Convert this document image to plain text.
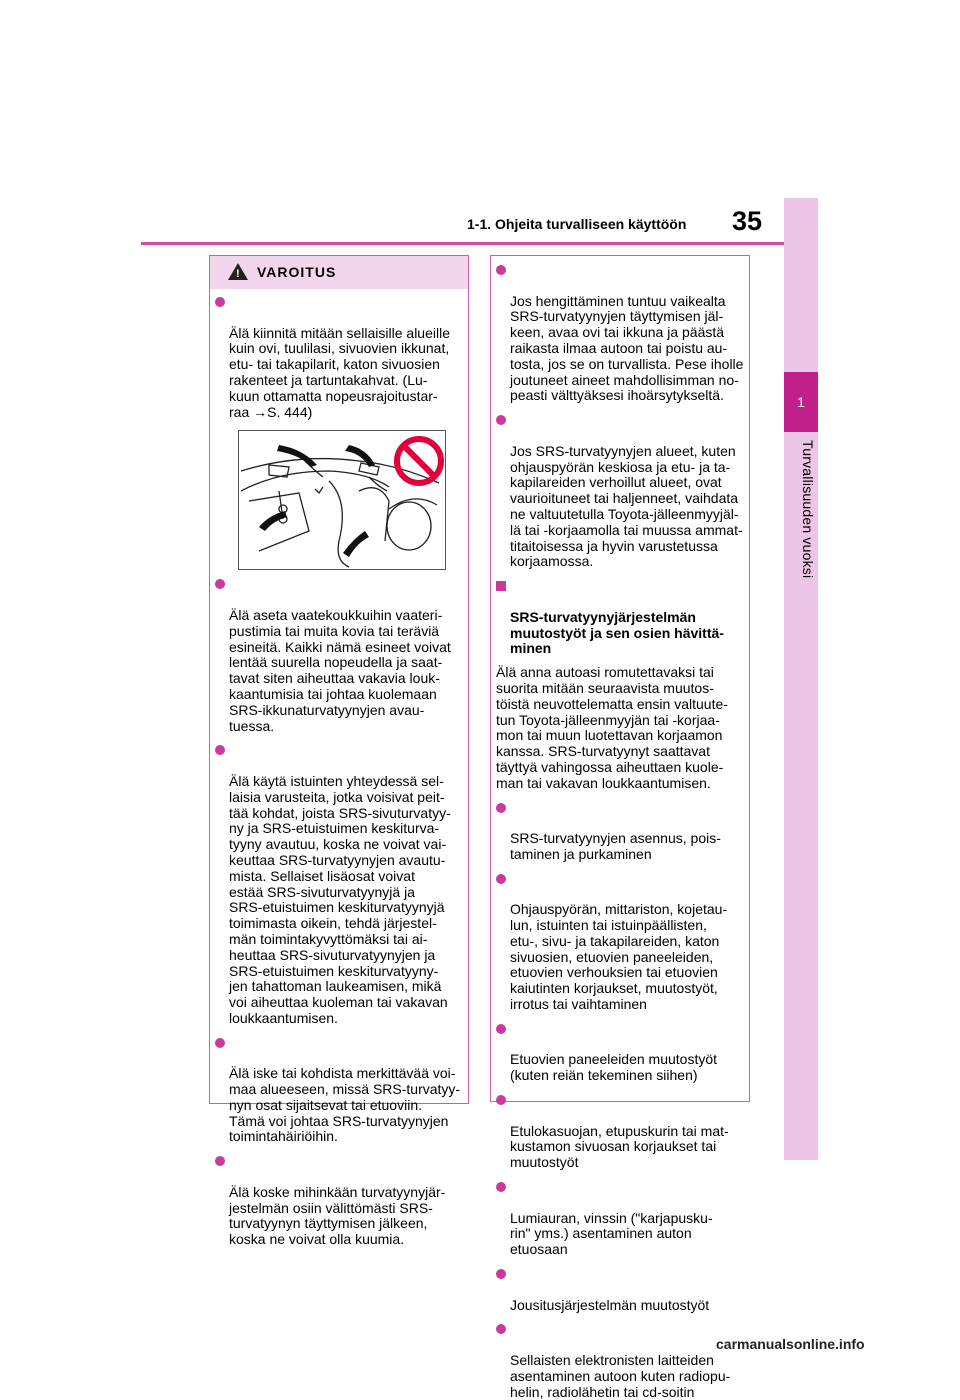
1-1. Ohjeita turvalliseen käyttöön 35
1
Turvallisuuden vuoksi
! VAROITUS

Älä kiinnitä mitään sellaisille alueille
kuin ovi, tuulilasi, sivuovien ikkunat,
etu- tai takapilarit, katon sivuosien
rakenteet ja tartuntakahvat. (Lu-
kuun ottamatta nopeusrajoitustar-
raa →S. 444)

Älä aseta vaatekoukkuihin vaateri-
pustimia tai muita kovia tai teräviä
esineitä. Kaikki nämä esineet voivat
lentää suurella nopeudella ja saat-
tavat siten aiheuttaa vakavia louk-
kaantumisia tai johtaa kuolemaan
SRS-ikkunaturvatyynyjen avau-
tuessa.

Älä käytä istuinten yhteydessä sel-
laisia varusteita, jotka voisivat peit-
tää kohdat, joista SRS-sivuturvatyy-
ny ja SRS-etuistuimen keskiturva-
tyyny avautuu, koska ne voivat vai-
keuttaa SRS-turvatyynyjen avautu-
mista. Sellaiset lisäosat voivat
estää SRS-sivuturvatyynyjä ja
SRS-etuistuimen keskiturvatyynyjä
toimimasta oikein, tehdä järjestel-
män toimintakyvyttömäksi tai ai-
heuttaa SRS-sivuturvatyynyjen ja
SRS-etuistuimen keskiturvatyyny-
jen tahattoman laukeamisen, mikä
voi aiheuttaa kuoleman tai vakavan
loukkaantumisen.

Älä iske tai kohdista merkittävää voi-
maa alueeseen, missä SRS-turvatyy-
nyn osat sijaitsevat tai etuoviin.
Tämä voi johtaa SRS-turvatyynyjen
toimintahäiriöihin.

Älä koske mihinkään turvatyynyjär-
jestelmän osiin välittömästi SRS-
turvatyynyn täyttymisen jälkeen,
koska ne voivat olla kuumia.

Jos hengittäminen tuntuu vaikealta
SRS-turvatyynyjen täyttymisen jäl-
keen, avaa ovi tai ikkuna ja päästä
raikasta ilmaa autoon tai poistu au-
tosta, jos se on turvallista. Pese iholle
joutuneet aineet mahdollisimman no-
peasti välttyäksesi ihoärsytykseltä.

Jos SRS-turvatyynyjen alueet, kuten
ohjauspyörän keskiosa ja etu- ja ta-
kapilareiden verhoillut alueet, ovat
vaurioituneet tai haljenneet, vaihdata
ne valtuutetulla Toyota-jälleenmyyjäl-
lä tai -korjaamolla tai muussa ammat-
titaitoisessa ja hyvin varustetussa
korjaamossa.

SRS-turvatyynyjärjestelmän
muutostyöt ja sen osien hävittä-
minen

Älä anna autoasi romutettavaksi tai
suorita mitään seuraavista muutos-
töistä neuvottelematta ensin valtuute-
tun Toyota-jälleenmyyjän tai -korjaa-
mon tai muun luotettavan korjaamon
kanssa. SRS-turvatyynyt saattavat
täyttyä vahingossa aiheuttaen kuole-
man tai vakavan loukkaantumisen.

SRS-turvatyynyjen asennus, pois-
taminen ja purkaminen

Ohjauspyörän, mittariston, kojetau-
lun, istuinten tai istuinpäällisten,
etu-, sivu- ja takapilareiden, katon
sivuosien, etuovien paneeleiden,
etuovien verhouksien tai etuovien
kaiutinten korjaukset, muutostyöt,
irrotus tai vaihtaminen

Etuovien paneeleiden muutostyöt
(kuten reiän tekeminen siihen)

Etulokasuojan, etupuskurin tai mat-
kustamon sivuosan korjaukset tai
muutostyöt

Lumiauran, vinssin ("karjapusku-
rin" yms.) asentaminen auton
etuosaan

Jousitusjärjestelmän muutostyöt

Sellaisten elektronisten laitteiden
asentaminen autoon kuten radiopu-
helin, radiolähetin tai cd-soitin

carmanualsonline.info
